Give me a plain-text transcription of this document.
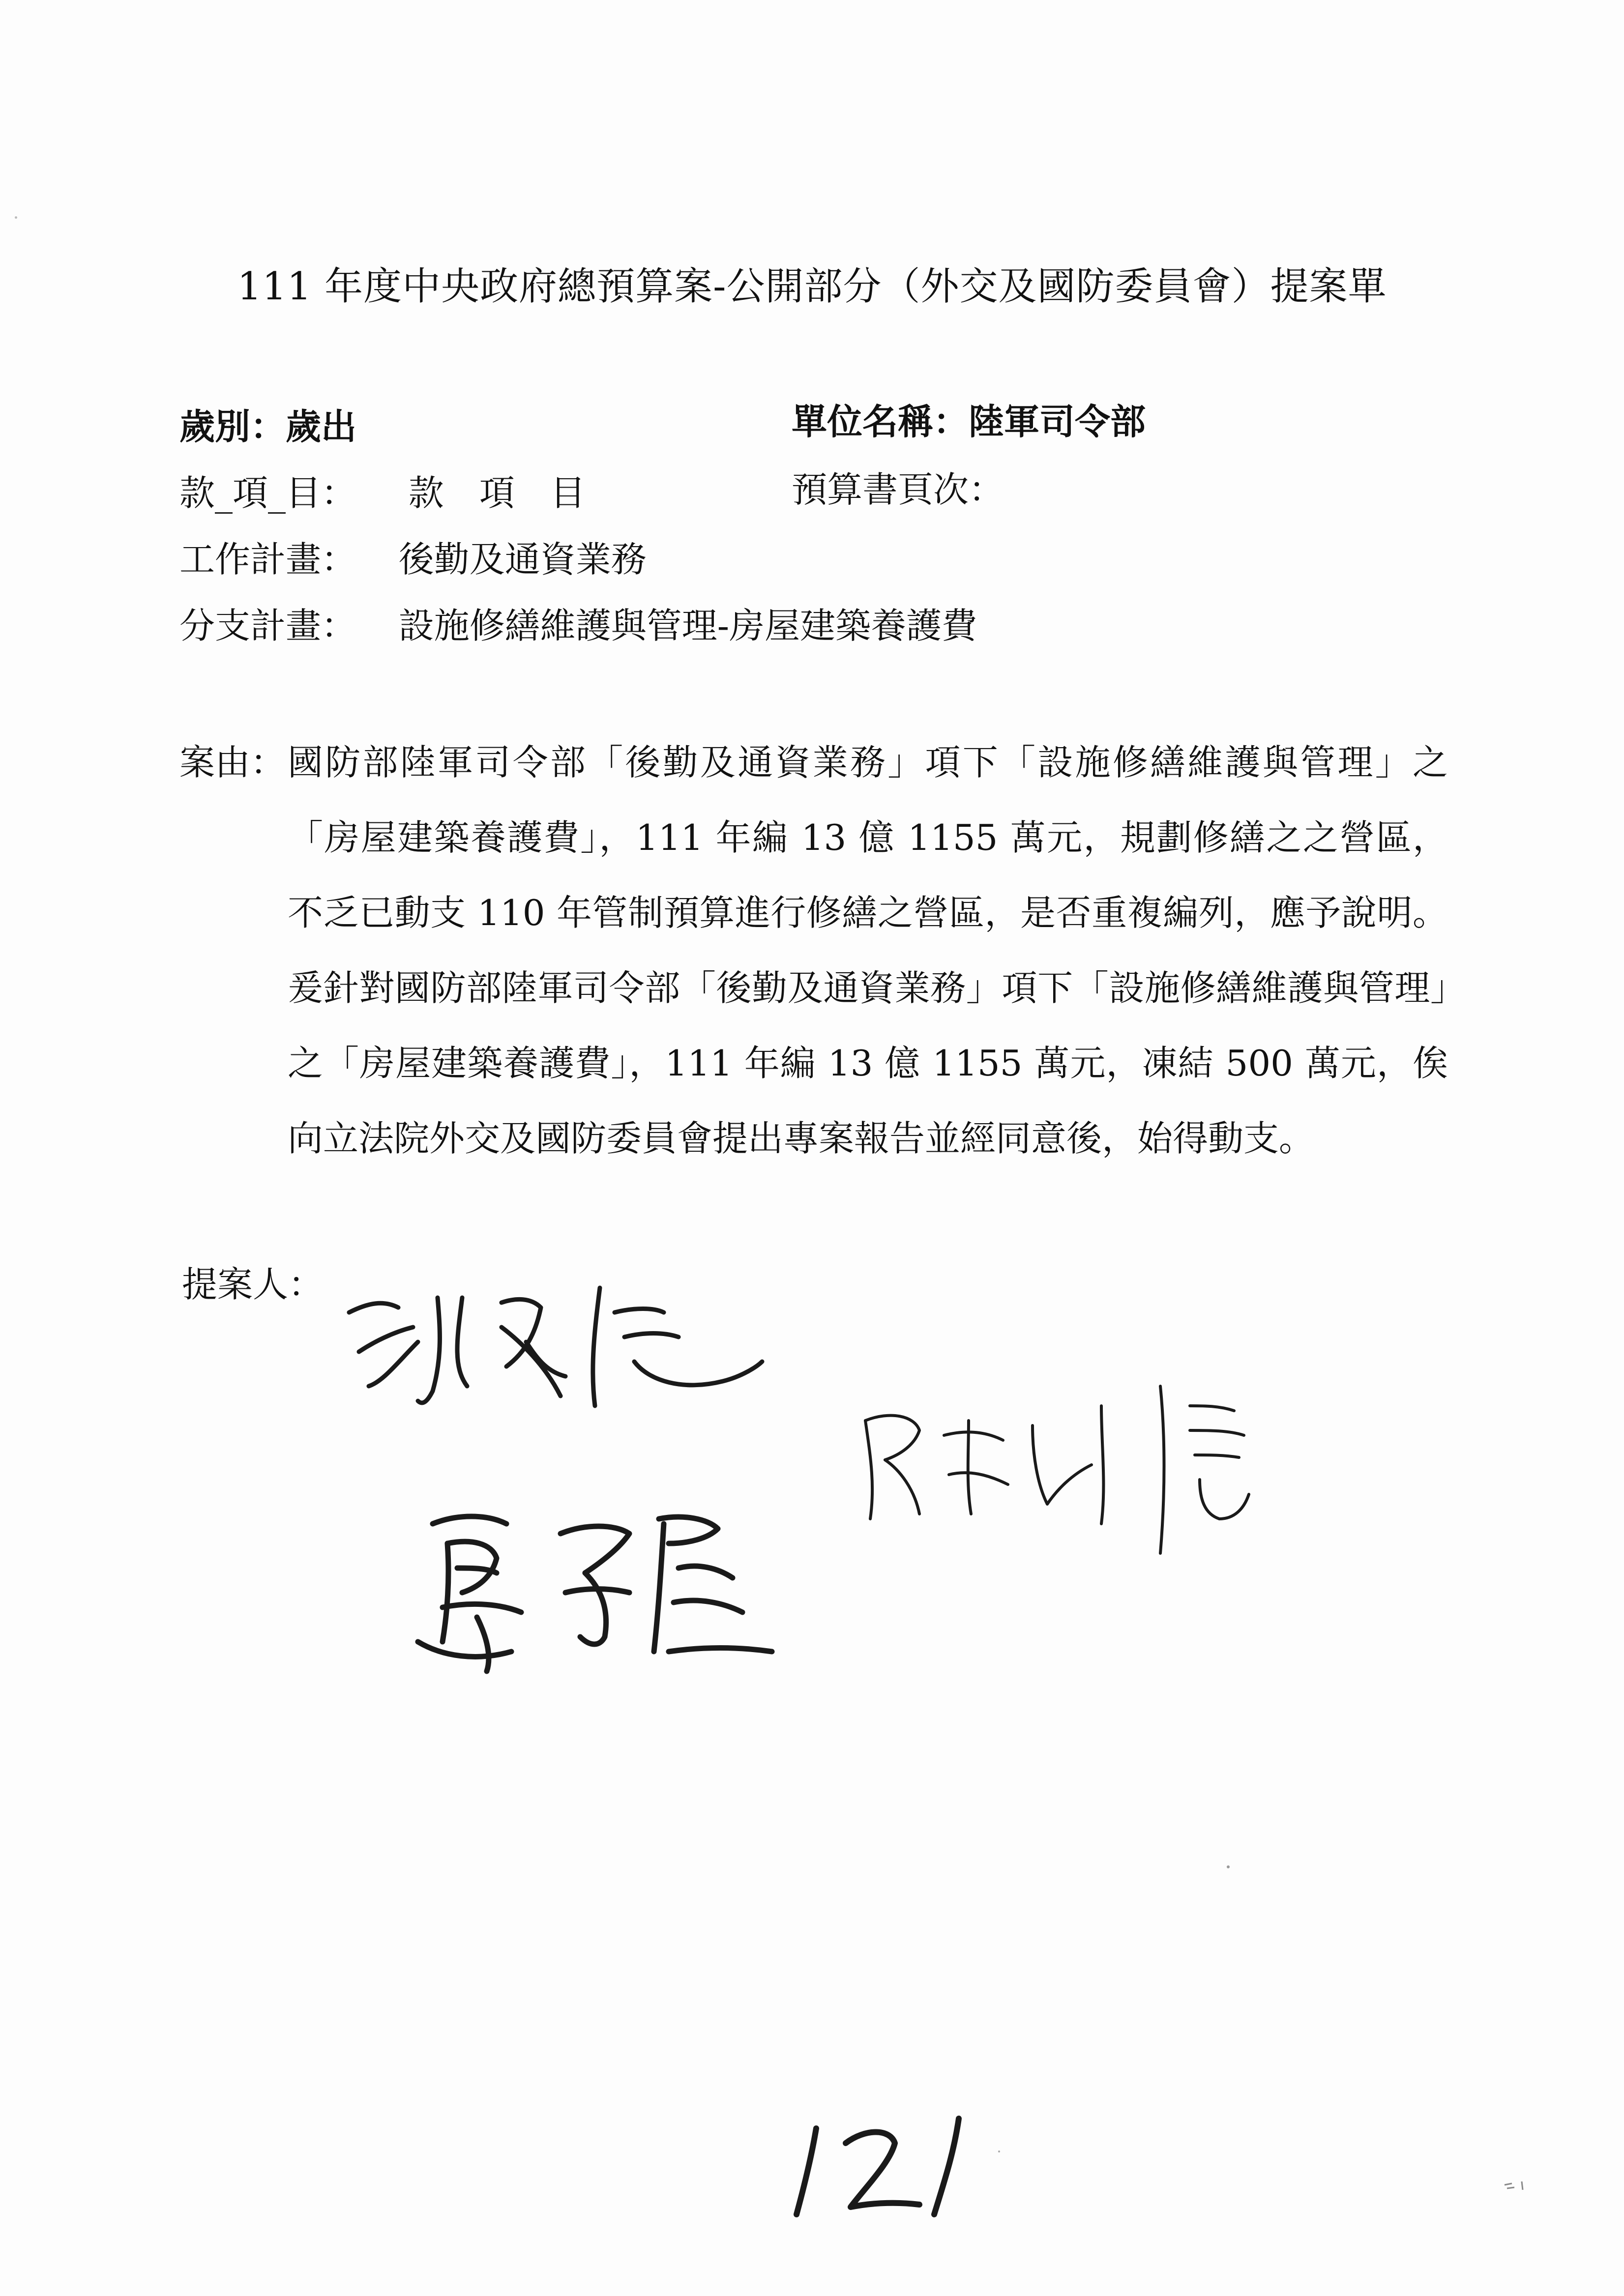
111 年度中央政府總預算案-公開部分（外交及國防委員會）提案單
歲別：歲出	單位名稱：陸軍司令部
款_項_目： 款　項　目	預算書頁次：
工作計畫： 後勤及通資業務
分支計畫： 設施修繕維護與管理-房屋建築養護費
案由： 國防部陸軍司令部「後勤及通資業務」項下「設施修繕維護與管理」之「房屋建築養護費」，111 年編 13 億 1155 萬元，規劃修繕之之營區，不乏已動支 110 年管制預算進行修繕之營區，是否重複編列，應予說明。爰針對國防部陸軍司令部「後勤及通資業務」項下「設施修繕維護與管理」之「房屋建築養護費」，111 年編 13 億 1155 萬元，凍結 500 萬元，俟向立法院外交及國防委員會提出專案報告並經同意後，始得動支。
提案人：
